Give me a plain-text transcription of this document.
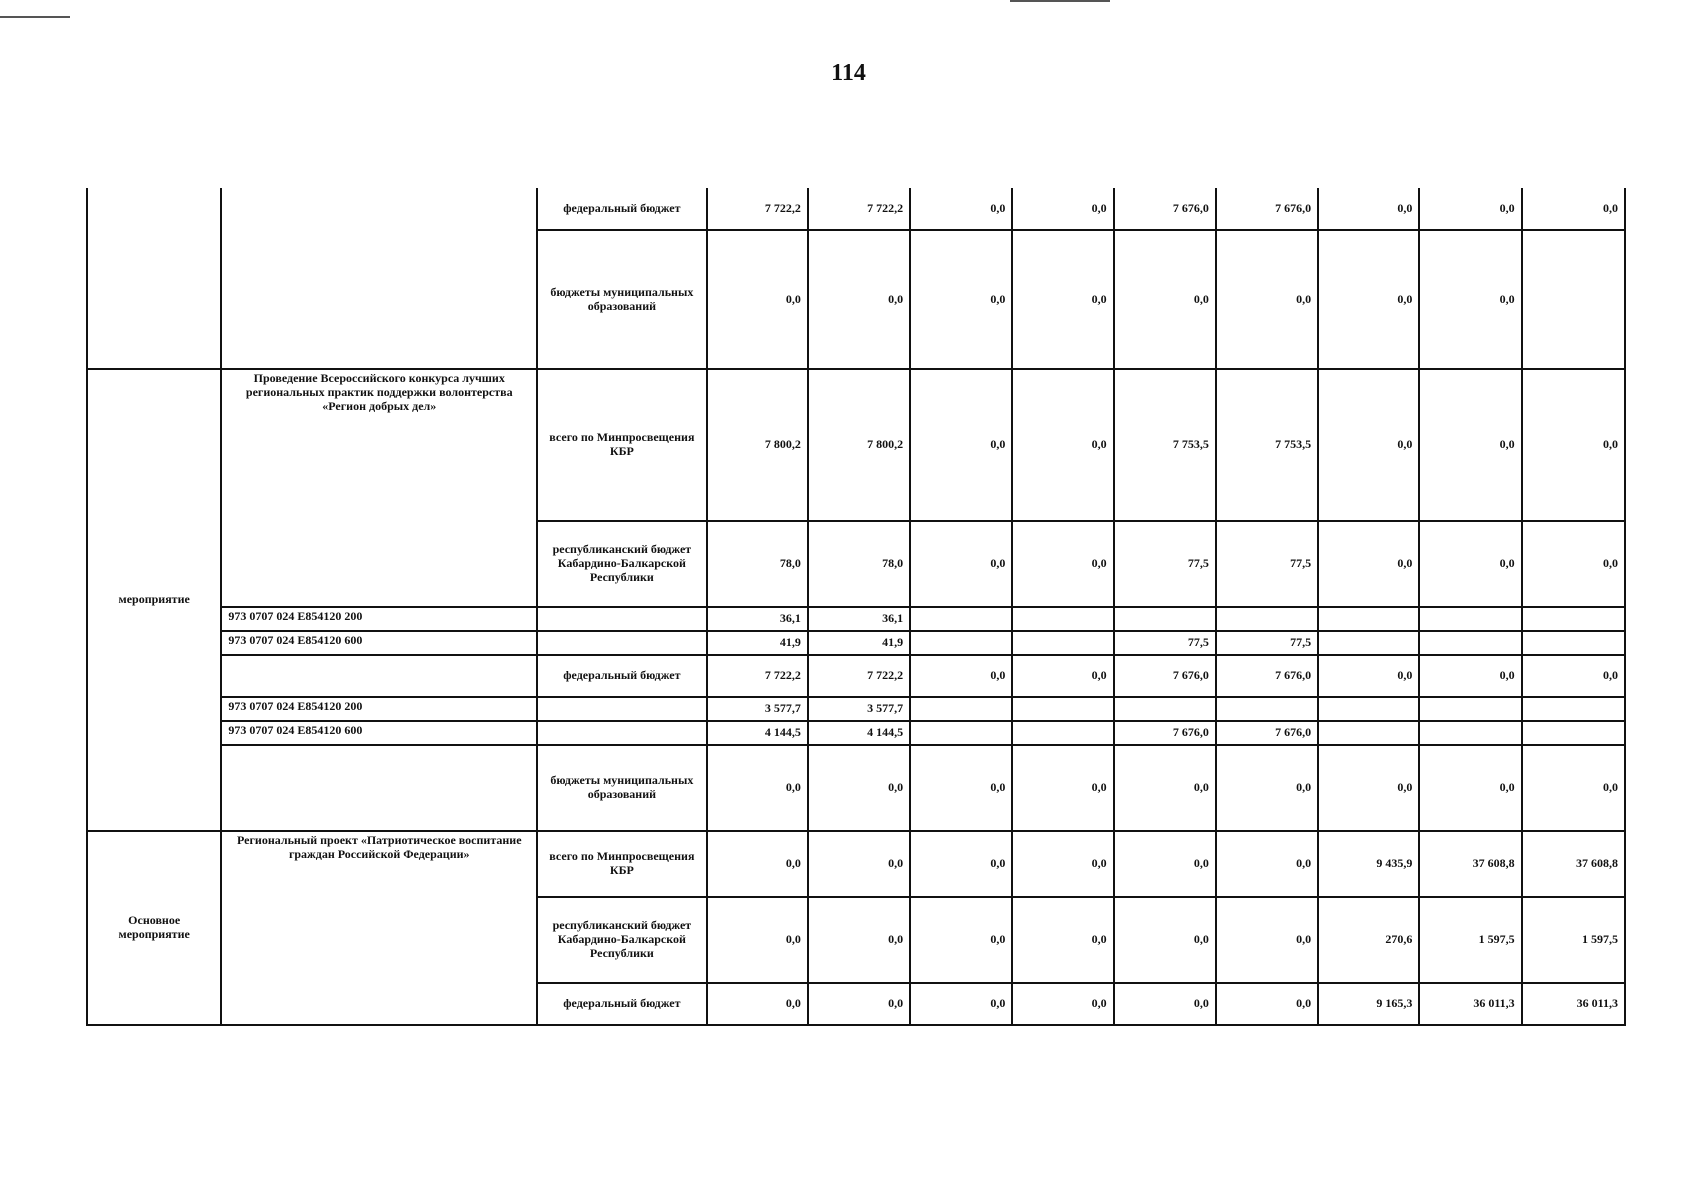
114
		федеральный бюджет	7 722,2	7 722,2	0,0	0,0	7 676,0	7 676,0	0,0	0,0	0,0
		бюджеты муниципальных образований	0,0	0,0	0,0	0,0	0,0	0,0	0,0	0,0	
мероприятие	Проведение Всероссийского конкурса лучших региональных практик поддержки волонтерства «Регион добрых дел»	всего по Минпросвещения КБР	7 800,2	7 800,2	0,0	0,0	7 753,5	7 753,5	0,0	0,0	0,0
		республиканский бюджет Кабардино-Балкарской Республики	78,0	78,0	0,0	0,0	77,5	77,5	0,0	0,0	0,0
	973 0707 024 E854120 200		36,1	36,1							
	973 0707 024 E854120 600		41,9	41,9			77,5	77,5			
		федеральный бюджет	7 722,2	7 722,2	0,0	0,0	7 676,0	7 676,0	0,0	0,0	0,0
	973 0707 024 E854120 200		3 577,7	3 577,7							
	973 0707 024 E854120 600		4 144,5	4 144,5			7 676,0	7 676,0			
		бюджеты муниципальных образований	0,0	0,0	0,0	0,0	0,0	0,0	0,0	0,0	0,0
Основное мероприятие	Региональный проект «Патриотическое воспитание граждан Российской Федерации»	всего по Минпросвещения КБР	0,0	0,0	0,0	0,0	0,0	0,0	9 435,9	37 608,8	37 608,8
		республиканский бюджет Кабардино-Балкарской Республики	0,0	0,0	0,0	0,0	0,0	0,0	270,6	1 597,5	1 597,5
		федеральный бюджет	0,0	0,0	0,0	0,0	0,0	0,0	9 165,3	36 011,3	36 011,3
